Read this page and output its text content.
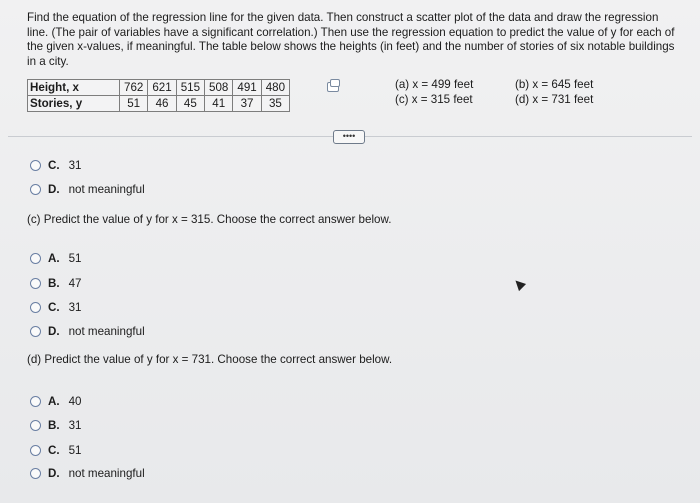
Find the equation of the regression line for the given data. Then construct a scatter plot of the data and draw the regression line. (The pair of variables have a significant correlation.) Then use the regression equation to predict the value of y for each of the given x-values, if meaningful. The table below shows the heights (in feet) and the number of stories of six notable buildings in a city.
Height, x	762	621	515	508	491	480
Stories, y	51	46	45	41	37	35
(a) x = 499 feet
(c) x = 315 feet
(b) x = 645 feet
(d) x = 731 feet
••••
C. 31
D. not meaningful
(c) Predict the value of y for x = 315. Choose the correct answer below.
A. 51
B. 47
C. 31
D. not meaningful
(d) Predict the value of y for x = 731. Choose the correct answer below.
A. 40
B. 31
C. 51
D. not meaningful
